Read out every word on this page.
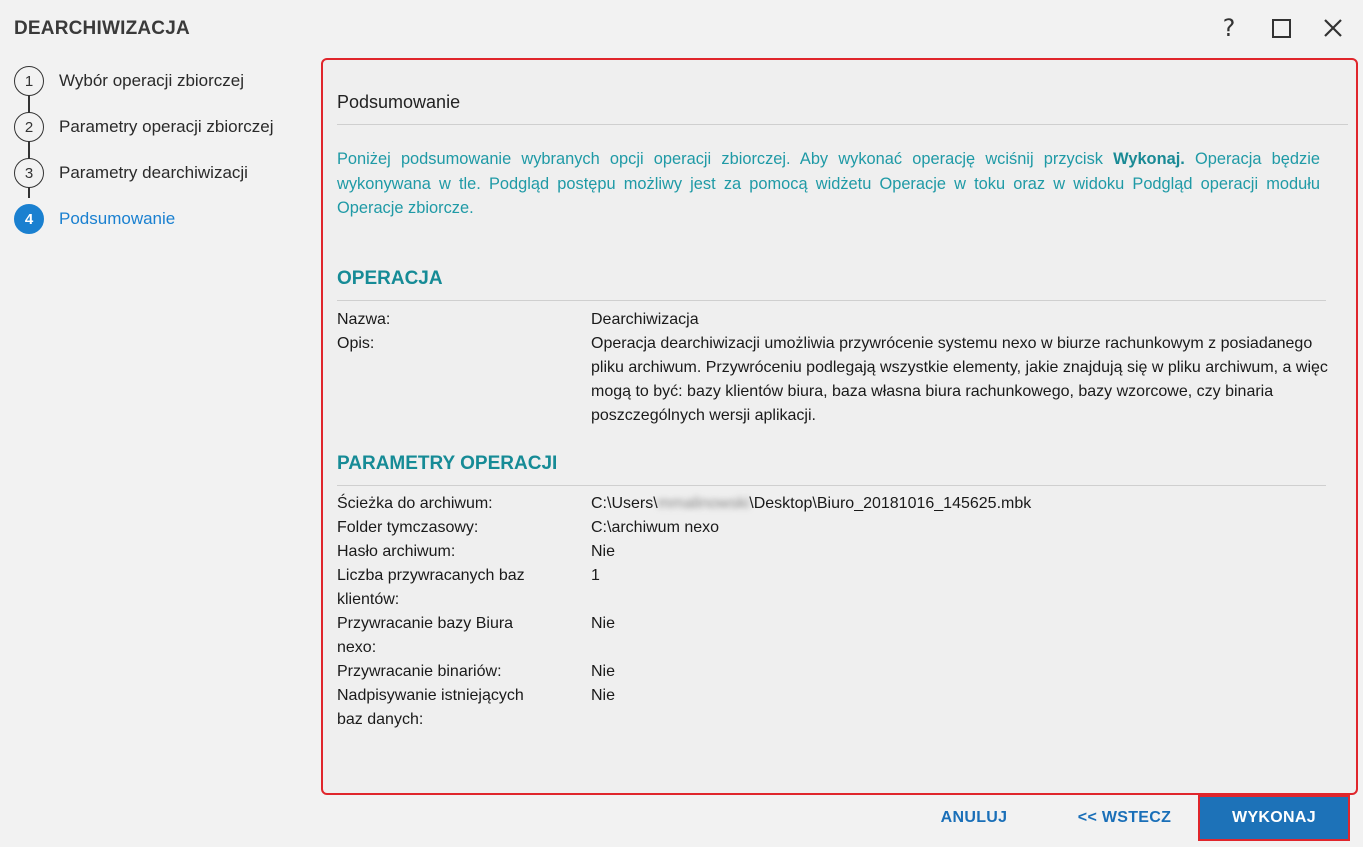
DEARCHIWIZACJA	?
1	Wybór operacji zbiorczej
2	Parametry operacji zbiorczej
3	Parametry dearchiwizacji
4	Podsumowanie
Podsumowanie
Poniżej podsumowanie wybranych opcji operacji zbiorczej. Aby wykonać operację wciśnij przycisk Wykonaj. Operacja będzie wykonywana w tle. Podgląd postępu możliwy jest za pomocą widżetu Operacje w toku oraz w widoku Podgląd operacji modułu Operacje zbiorcze.
OPERACJA
Nazwa:	Dearchiwizacja
Opis:	Operacja dearchiwizacji umożliwia przywrócenie systemu nexo w biurze rachunkowym z posiadanego pliku archiwum. Przywróceniu podlegają wszystkie elementy, jakie znajdują się w pliku archiwum, a więc mogą to być: bazy klientów biura, baza własna biura rachunkowego, bazy wzorcowe, czy binaria poszczególnych wersji aplikacji.
PARAMETRY OPERACJI
Ścieżka do archiwum:	C:\Users\mmalinowski\Desktop\Biuro_20181016_145625.mbk
Folder tymczasowy:	C:\archiwum nexo
Hasło archiwum:	Nie
Liczba przywracanych baz klientów:
1
Przywracanie bazy Biura nexo:
Nie
Przywracanie binariów:	Nie
Nadpisywanie istniejących baz danych:
Nie
ANULUJ	<< WSTECZ	WYKONAJ
